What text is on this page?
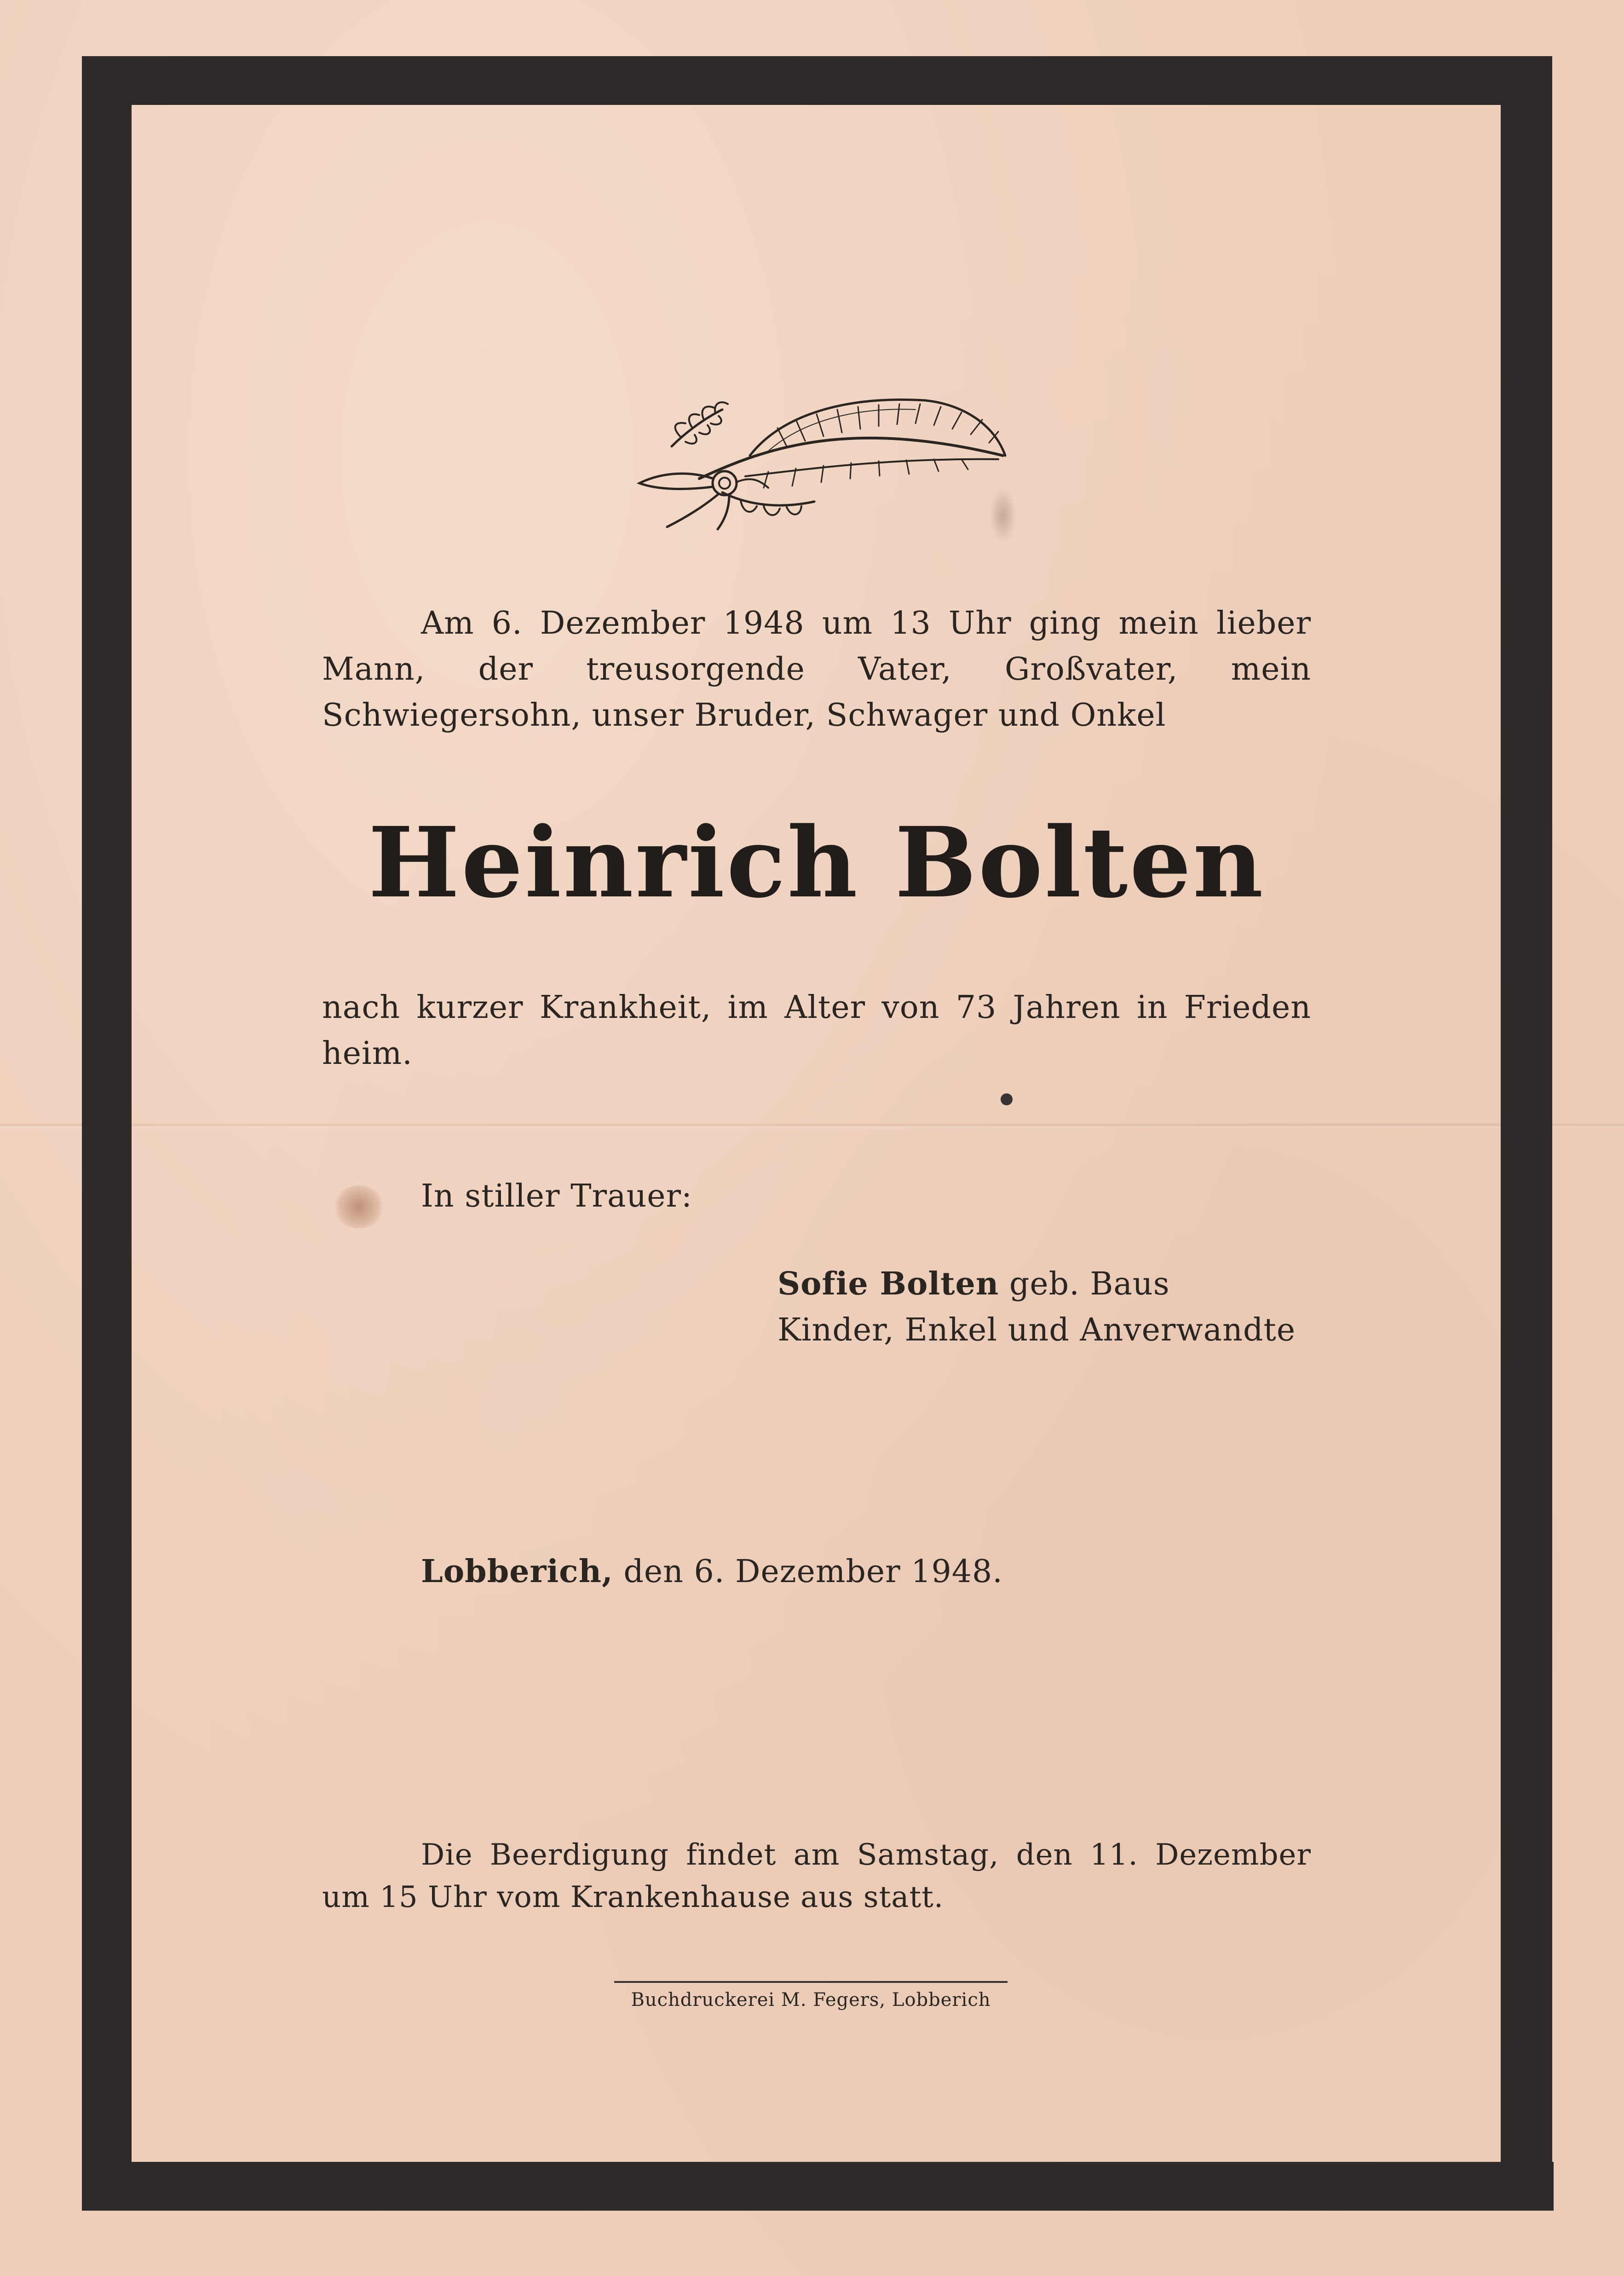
Am 6. Dezember 1948 um 13 Uhr ging mein lieber Mann, der treusorgende Vater, Großvater, mein Schwiegersohn, unser Bruder, Schwager und Onkel
Heinrich Bolten
nach kurzer Krankheit, im Alter von 73 Jahren in Frieden heim.
In stiller Trauer:
Sofie Bolten geb. Baus
Kinder, Enkel und Anverwandte
Lobberich, den 6. Dezember 1948.
Die Beerdigung findet am Samstag, den 11. Dezember um 15 Uhr vom Krankenhause aus statt.
Buchdruckerei M. Fegers, Lobberich
